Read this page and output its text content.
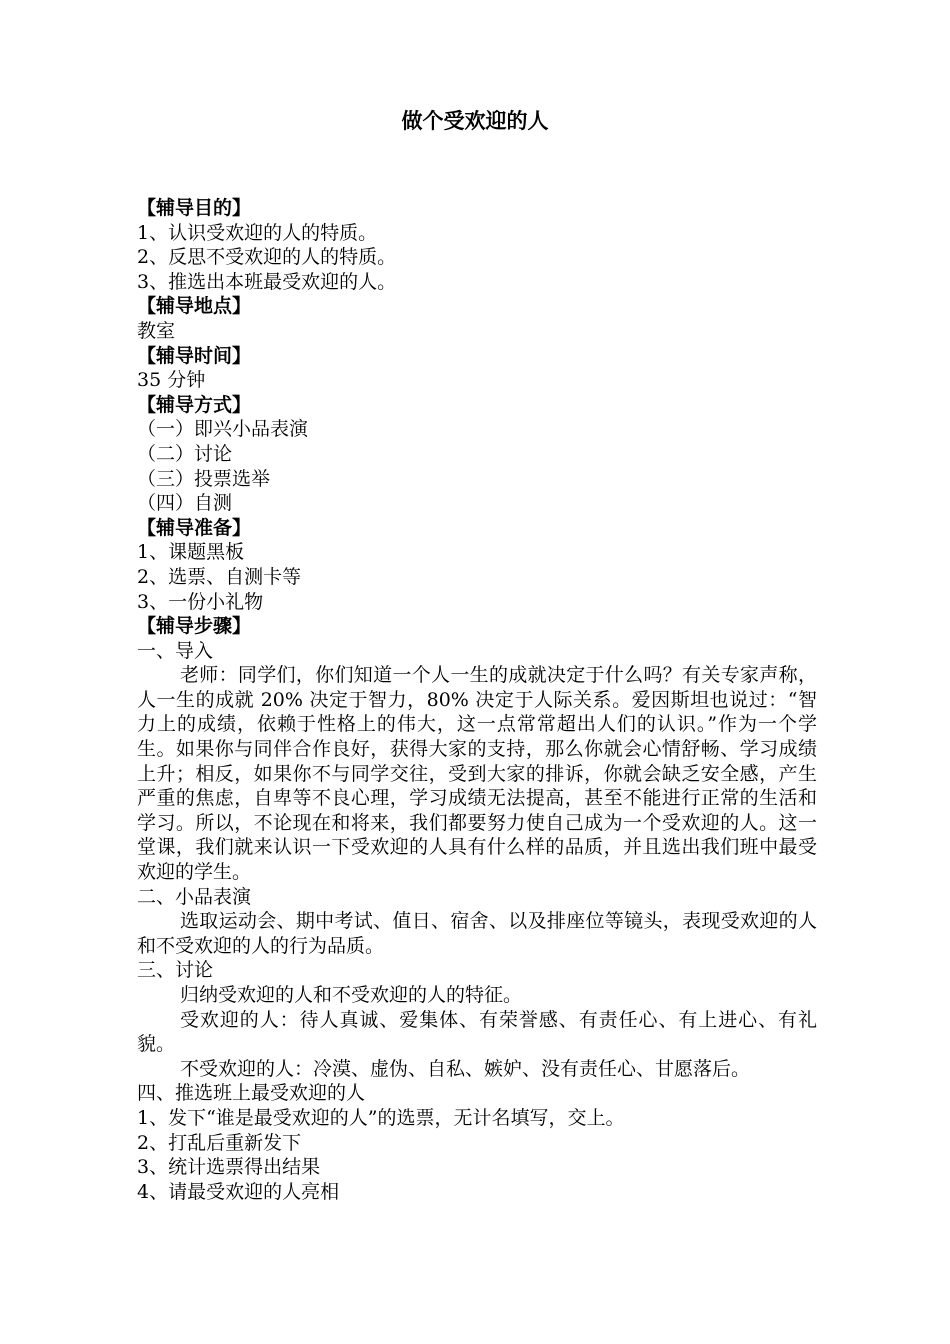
做个受欢迎的人

【辅导目的】

1、认识受欢迎的人的特质。

2、反思不受欢迎的人的特质。

3、推选出本班最受欢迎的人。

【辅导地点】

教室

【辅导时间】

35 分钟

【辅导方式】

（一）即兴小品表演

（二）讨论

（三）投票选举

（四）自测

【辅导准备】

1、课题黑板

2、选票、自测卡等

3、一份小礼物

【辅导步骤】

一、导入

老师：同学们，你们知道一个人一生的成就决定于什么吗？有关专家声称，人一生的成就 20% 决定于智力，80% 决定于人际关系。爱因斯坦也说过：“智力上的成绩，依赖于性格上的伟大，这一点常常超出人们的认识。”作为一个学生。如果你与同伴合作良好，获得大家的支持，那么你就会心情舒畅、学习成绩上升；相反，如果你不与同学交往，受到大家的排诉，你就会缺乏安全感，产生严重的焦虑，自卑等不良心理，学习成绩无法提高，甚至不能进行正常的生活和学习。所以，不论现在和将来，我们都要努力使自己成为一个受欢迎的人。这一堂课，我们就来认识一下受欢迎的人具有什么样的品质，并且选出我们班中最受欢迎的学生。

二、小品表演

选取运动会、期中考试、值日、宿舍、以及排座位等镜头，表现受欢迎的人和不受欢迎的人的行为品质。

三、讨论

归纳受欢迎的人和不受欢迎的人的特征。

受欢迎的人：待人真诚、爱集体、有荣誉感、有责任心、有上进心、有礼貌。

不受欢迎的人：冷漠、虚伪、自私、嫉妒、没有责任心、甘愿落后。

四、推选班上最受欢迎的人

1、发下“谁是最受欢迎的人”的选票，无计名填写，交上。

2、打乱后重新发下

3、统计选票得出结果

4、请最受欢迎的人亮相
